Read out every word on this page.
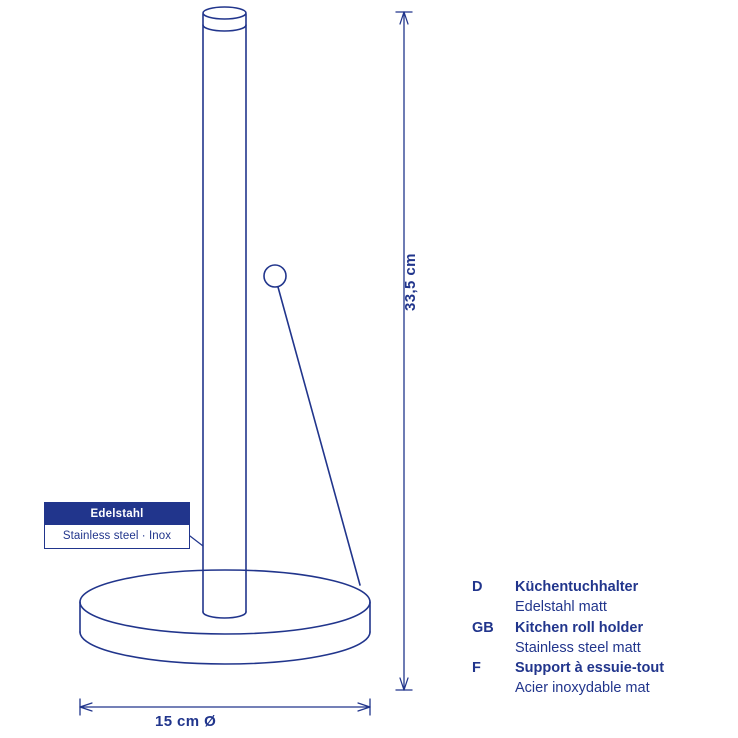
Edelstahl
Stainless steel · Inox
33,5 cm
15 cm Ø
D	Küchentuchhalter
Edelstahl matt
GB	Kitchen roll holder
Stainless steel matt
F	Support à essuie-tout
Acier inoxydable mat
